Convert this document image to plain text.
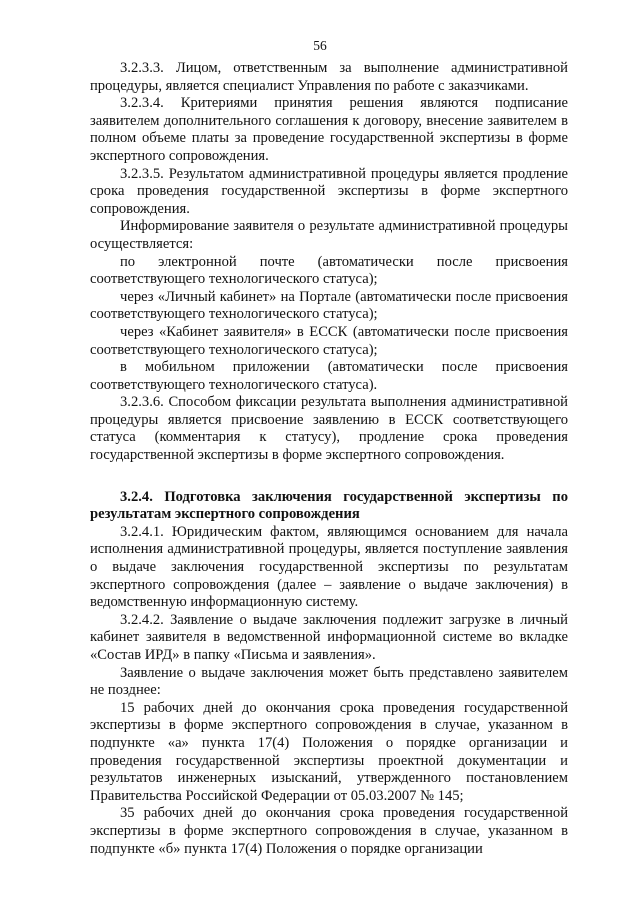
56

3.2.3.3. Лицом, ответственным за выполнение административной процедуры, является специалист Управления по работе с заказчиками.

3.2.3.4. Критериями принятия решения являются подписание заявителем дополнительного соглашения к договору, внесение заявителем в полном объеме платы за проведение государственной экспертизы в форме экспертного сопровождения.

3.2.3.5. Результатом административной процедуры является продление срока проведения государственной экспертизы в форме экспертного сопровождения.

Информирование заявителя о результате административной процедуры осуществляется:

по электронной почте (автоматически после присвоения соответствующего технологического статуса);

через «Личный кабинет» на Портале (автоматически после присвоения соответствующего технологического статуса);

через «Кабинет заявителя» в ЕССК (автоматически после присвоения соответствующего технологического статуса);

в мобильном приложении (автоматически после присвоения соответствующего технологического статуса).

3.2.3.6. Способом фиксации результата выполнения административной процедуры является присвоение заявлению в ЕССК соответствующего статуса (комментария к статусу), продление срока проведения государственной экспертизы в форме экспертного сопровождения.

3.2.4. Подготовка заключения государственной экспертизы по результатам экспертного сопровождения

3.2.4.1. Юридическим фактом, являющимся основанием для начала исполнения административной процедуры, является поступление заявления о выдаче заключения государственной экспертизы по результатам экспертного сопровождения (далее – заявление о выдаче заключения) в ведомственную информационную систему.

3.2.4.2. Заявление о выдаче заключения подлежит загрузке в личный кабинет заявителя в ведомственной информационной системе во вкладке «Состав ИРД» в папку «Письма и заявления».

Заявление о выдаче заключения может быть представлено заявителем не позднее:

15 рабочих дней до окончания срока проведения государственной экспертизы в форме экспертного сопровождения в случае, указанном в подпункте «а» пункта 17(4) Положения о порядке организации и проведения государственной экспертизы проектной документации и результатов инженерных изысканий, утвержденного постановлением Правительства Российской Федерации от 05.03.2007 № 145;

35 рабочих дней до окончания срока проведения государственной экспертизы в форме экспертного сопровождения в случае, указанном в подпункте «б» пункта 17(4) Положения о порядке организации
